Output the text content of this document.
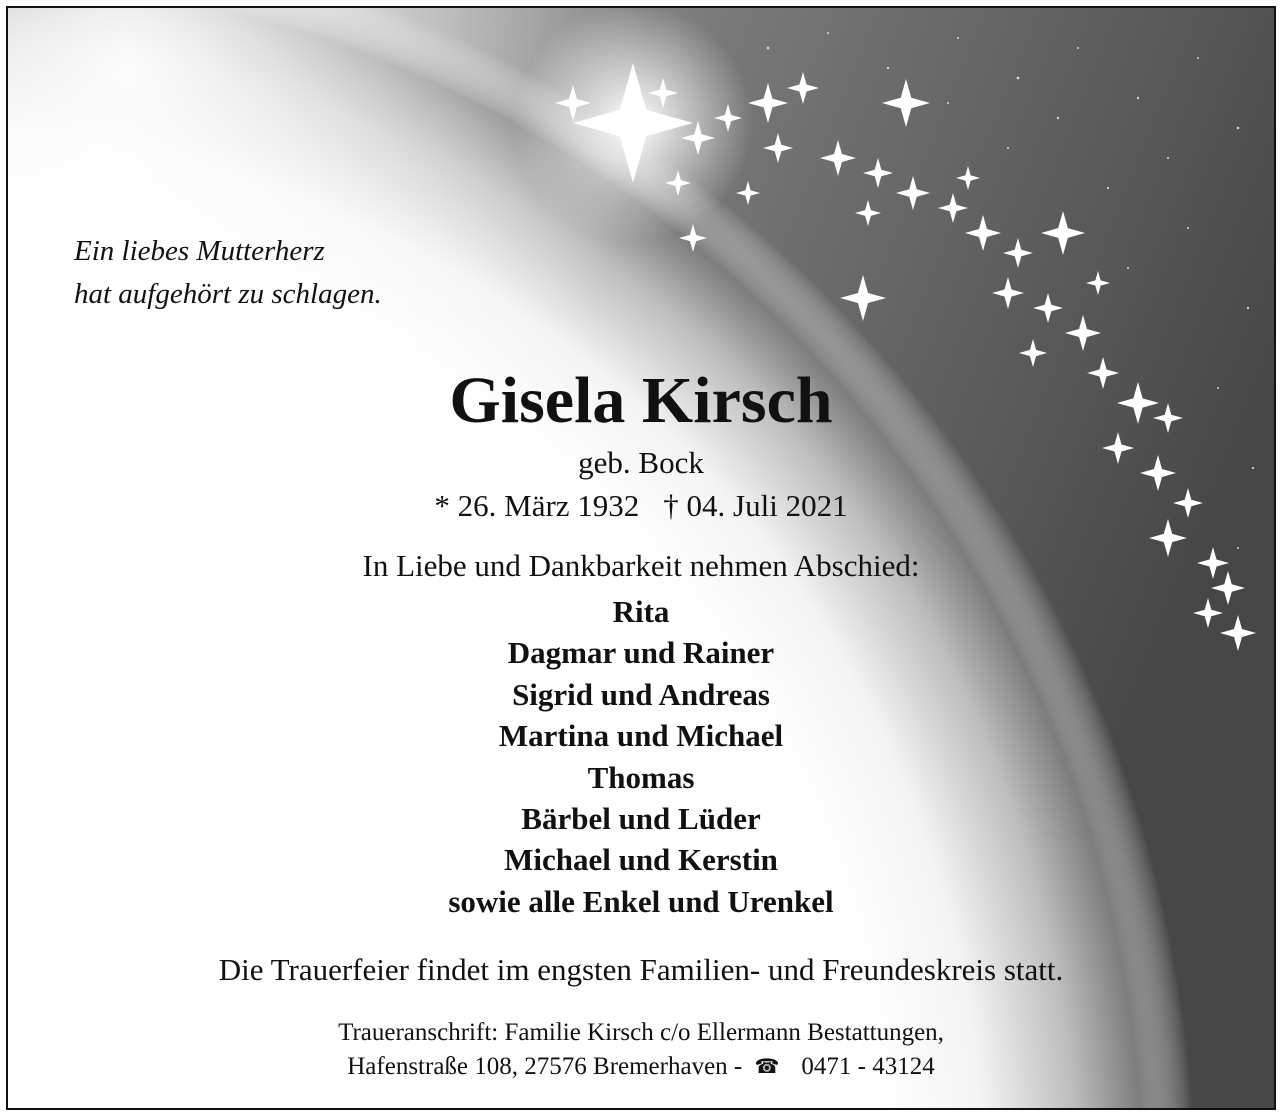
Ein liebes Mutterherz
hat aufgehört zu schlagen.
Gisela Kirsch
geb. Bock
* 26. März 1932 † 04. Juli 2021
In Liebe und Dankbarkeit nehmen Abschied:
Rita
Dagmar und Rainer
Sigrid und Andreas
Martina und Michael
Thomas
Bärbel und Lüder
Michael und Kerstin
sowie alle Enkel und Urenkel
Die Trauerfeier findet im engsten Familien- und Freundeskreis statt.
Traueranschrift: Familie Kirsch c/o Ellermann Bestattungen,
Hafenstraße 108, 27576 Bremerhaven - ☎ 0471 - 43124
